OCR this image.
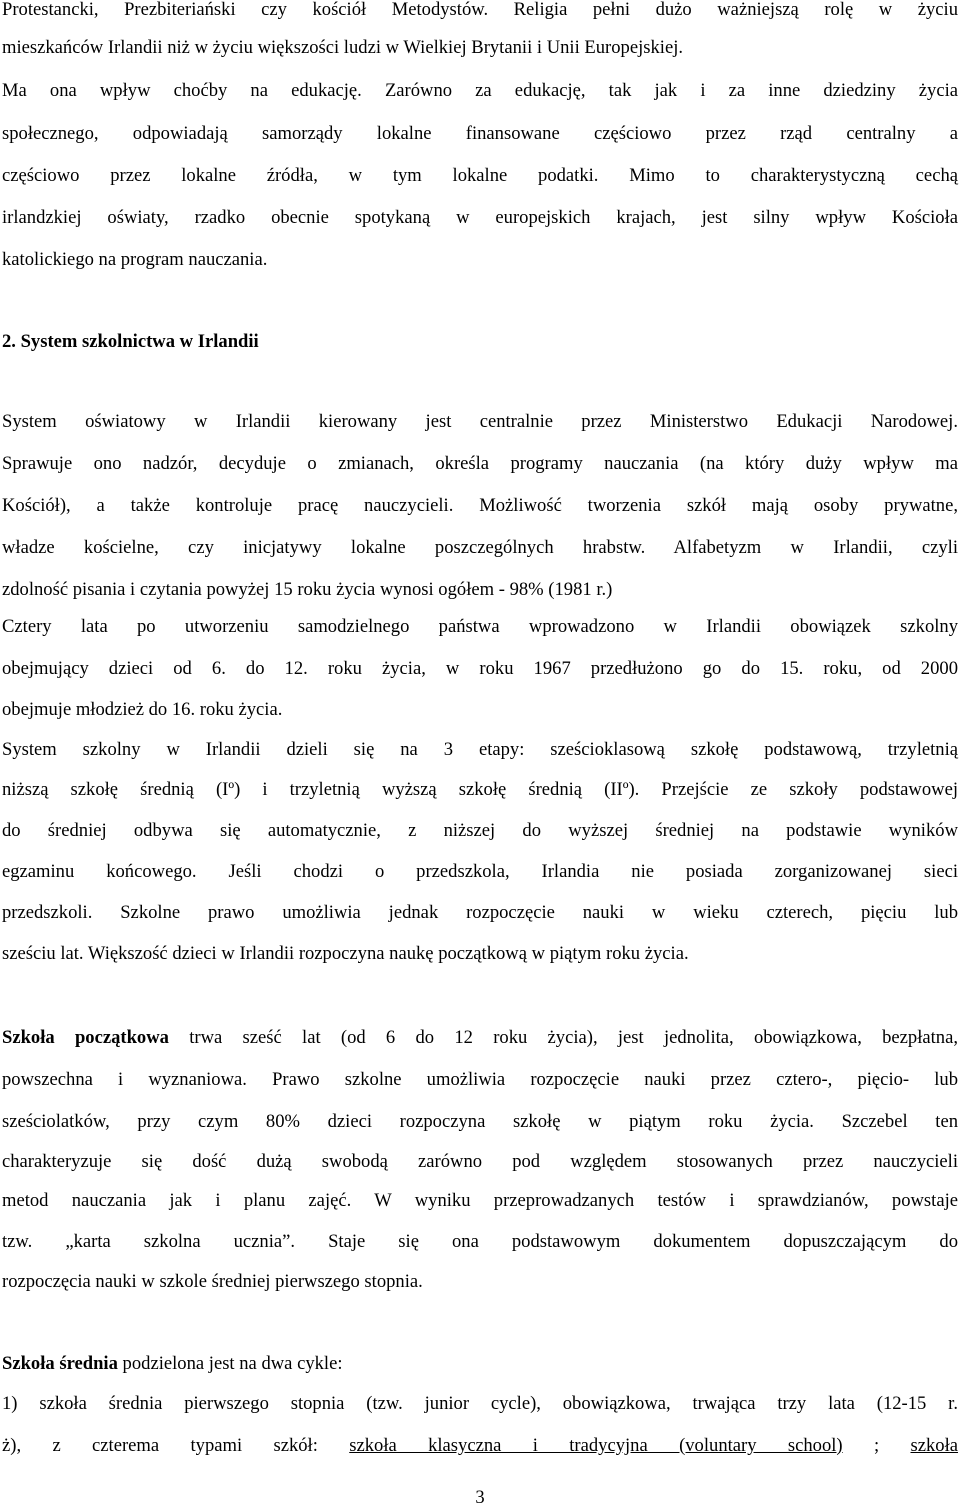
Protestancki, Prezbiteriański czy kościół Metodystów. Religia pełni dużo ważniejszą rolę w życiu
mieszkańców Irlandii niż w życiu większości ludzi w Wielkiej Brytanii i Unii Europejskiej.
Ma ona wpływ choćby na edukację. Zarówno za edukację, tak jak i za inne dziedziny życia
społecznego, odpowiadają samorządy lokalne finansowane częściowo przez rząd centralny a
częściowo przez lokalne źródła, w tym lokalne podatki. Mimo to charakterystyczną cechą
irlandzkiej oświaty, rzadko obecnie spotykaną w europejskich krajach, jest silny wpływ Kościoła
katolickiego na program nauczania.
2. System szkolnictwa w Irlandii
System oświatowy w Irlandii kierowany jest centralnie przez Ministerstwo Edukacji Narodowej.
Sprawuje ono nadzór, decyduje o zmianach, określa programy nauczania (na który duży wpływ ma
Kościół), a także kontroluje pracę nauczycieli. Możliwość tworzenia szkół mają osoby prywatne,
władze kościelne, czy inicjatywy lokalne poszczególnych hrabstw. Alfabetyzm w Irlandii, czyli
zdolność pisania i czytania powyżej 15 roku życia wynosi ogółem - 98% (1981 r.)
Cztery lata po utworzeniu samodzielnego państwa wprowadzono w Irlandii obowiązek szkolny
obejmujący dzieci od 6. do 12. roku życia, w roku 1967 przedłużono go do 15. roku, od 2000
obejmuje młodzież do 16. roku życia.
System szkolny w Irlandii dzieli się na 3 etapy: sześcioklasową szkołę podstawową, trzyletnią
niższą szkołę średnią (Iº) i trzyletnią wyższą szkołę średnią (IIº). Przejście ze szkoły podstawowej
do średniej odbywa się automatycznie, z niższej do wyższej średniej na podstawie wyników
egzaminu końcowego. Jeśli chodzi o przedszkola, Irlandia nie posiada zorganizowanej sieci
przedszkoli. Szkolne prawo umożliwia jednak rozpoczęcie nauki w wieku czterech, pięciu lub
sześciu lat. Większość dzieci w Irlandii rozpoczyna naukę początkową w piątym roku życia.
Szkoła początkowa trwa sześć lat (od 6 do 12 roku życia), jest jednolita, obowiązkowa, bezpłatna,
powszechna i wyznaniowa. Prawo szkolne umożliwia rozpoczęcie nauki przez cztero-, pięcio- lub
sześciolatków, przy czym 80% dzieci rozpoczyna szkołę w piątym roku życia. Szczebel ten
charakteryzuje się dość dużą swobodą zarówno pod względem stosowanych przez nauczycieli
metod nauczania jak i planu zajęć. W wyniku przeprowadzanych testów i sprawdzianów, powstaje
tzw. „karta szkolna ucznia”. Staje się ona podstawowym dokumentem dopuszczającym do
rozpoczęcia nauki w szkole średniej pierwszego stopnia.
Szkoła średnia podzielona jest na dwa cykle:
1) szkoła średnia pierwszego stopnia (tzw. junior cycle), obowiązkowa, trwająca trzy lata (12-15 r.
ż), z czterema typami szkół: szkoła klasyczna i tradycyjna (voluntary school) ; szkoła
3
